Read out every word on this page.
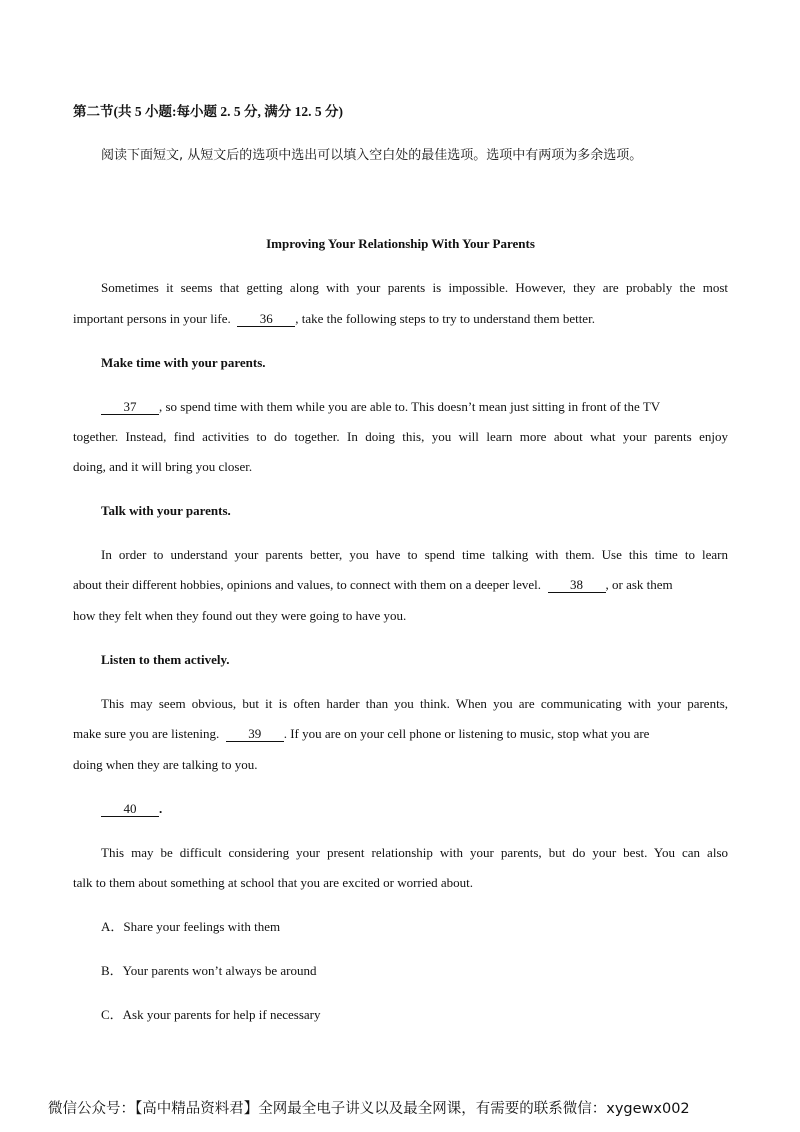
第二节(共 5 小题:每小题 2. 5 分, 满分 12. 5 分)
阅读下面短文, 从短文后的选项中选出可以填入空白处的最佳选项。选项中有两项为多余选项。
Improving Your Relationship With Your Parents
Sometimes it seems that getting along with your parents is impossible. However, they are probably the most
important persons in your life. 36 , take the following steps to try to understand them better.
Make time with your parents.
37 , so spend time with them while you are able to. This doesn’t mean just sitting in front of the TV
together. Instead, find activities to do together. In doing this, you will learn more about what your parents enjoy
doing, and it will bring you closer.
Talk with your parents.
In order to understand your parents better, you have to spend time talking with them. Use this time to learn
about their different hobbies, opinions and values, to connect with them on a deeper level. 38 , or ask them
how they felt when they found out they were going to have you.
Listen to them actively.
This may seem obvious, but it is often harder than you think. When you are communicating with your parents,
make sure you are listening. 39 . If you are on your cell phone or listening to music, stop what you are
doing when they are talking to you.
40 .
This may be difficult considering your present relationship with your parents, but do your best. You can also
talk to them about something at school that you are excited or worried about.
A．Share your feelings with them
B．Your parents won’t always be around
C．Ask your parents for help if necessary
微信公众号：【高中精品资料君】全网最全电子讲义以及最全网课，有需要的联系微信：xygewx002
